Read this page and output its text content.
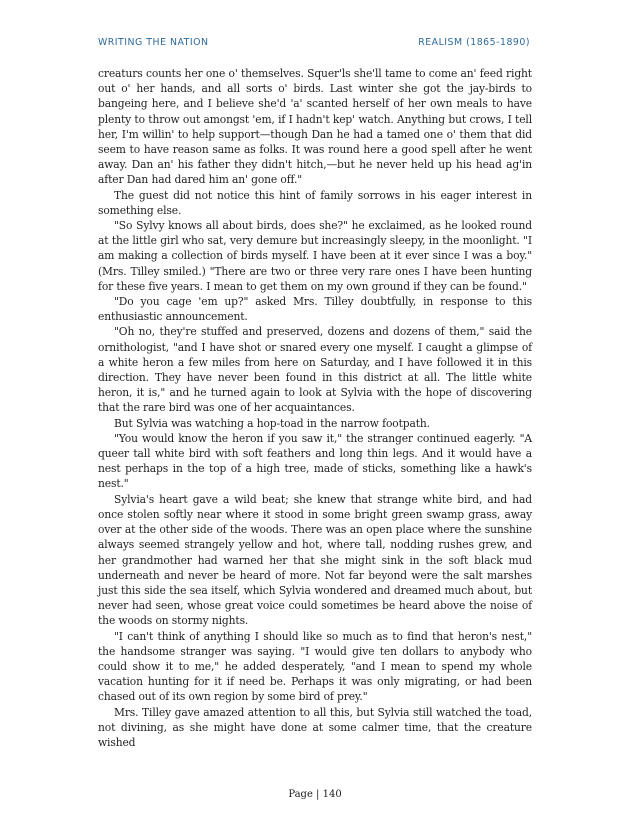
WRITING THE NATION	REALISM (1865-1890)

creaturs counts her one o' themselves. Squer'ls she'll tame to come an' feed right out o' her hands, and all sorts o' birds. Last winter she got the jay-birds to bangeing here, and I believe she'd 'a' scanted herself of her own meals to have plenty to throw out amongst 'em, if I hadn't kep' watch. Anything but crows, I tell her, I'm willin' to help support—though Dan he had a tamed one o' them that did seem to have reason same as folks. It was round here a good spell after he went away. Dan an' his father they didn't hitch,—but he never held up his head ag'in after Dan had dared him an' gone off."

The guest did not notice this hint of family sorrows in his eager interest in something else.

"So Sylvy knows all about birds, does she?" he exclaimed, as he looked round at the little girl who sat, very demure but increasingly sleepy, in the moonlight. "I am making a collection of birds myself. I have been at it ever since I was a boy." (Mrs. Tilley smiled.) "There are two or three very rare ones I have been hunting for these five years. I mean to get them on my own ground if they can be found."

"Do you cage 'em up?" asked Mrs. Tilley doubtfully, in response to this enthusiastic announcement.

"Oh no, they're stuffed and preserved, dozens and dozens of them," said the ornithologist, "and I have shot or snared every one myself. I caught a glimpse of a white heron a few miles from here on Saturday, and I have followed it in this direction. They have never been found in this district at all. The little white heron, it is," and he turned again to look at Sylvia with the hope of discovering that the rare bird was one of her acquaintances.

But Sylvia was watching a hop-toad in the narrow footpath.

"You would know the heron if you saw it," the stranger continued eagerly. "A queer tall white bird with soft feathers and long thin legs. And it would have a nest perhaps in the top of a high tree, made of sticks, something like a hawk's nest."

Sylvia's heart gave a wild beat; she knew that strange white bird, and had once stolen softly near where it stood in some bright green swamp grass, away over at the other side of the woods. There was an open place where the sunshine always seemed strangely yellow and hot, where tall, nodding rushes grew, and her grandmother had warned her that she might sink in the soft black mud underneath and never be heard of more. Not far beyond were the salt marshes just this side the sea itself, which Sylvia wondered and dreamed much about, but never had seen, whose great voice could sometimes be heard above the noise of the woods on stormy nights.

"I can't think of anything I should like so much as to find that heron's nest," the handsome stranger was saying. "I would give ten dollars to anybody who could show it to me," he added desperately, "and I mean to spend my whole vacation hunting for it if need be. Perhaps it was only migrating, or had been chased out of its own region by some bird of prey."

Mrs. Tilley gave amazed attention to all this, but Sylvia still watched the toad, not divining, as she might have done at some calmer time, that the creature wished

Page | 140
